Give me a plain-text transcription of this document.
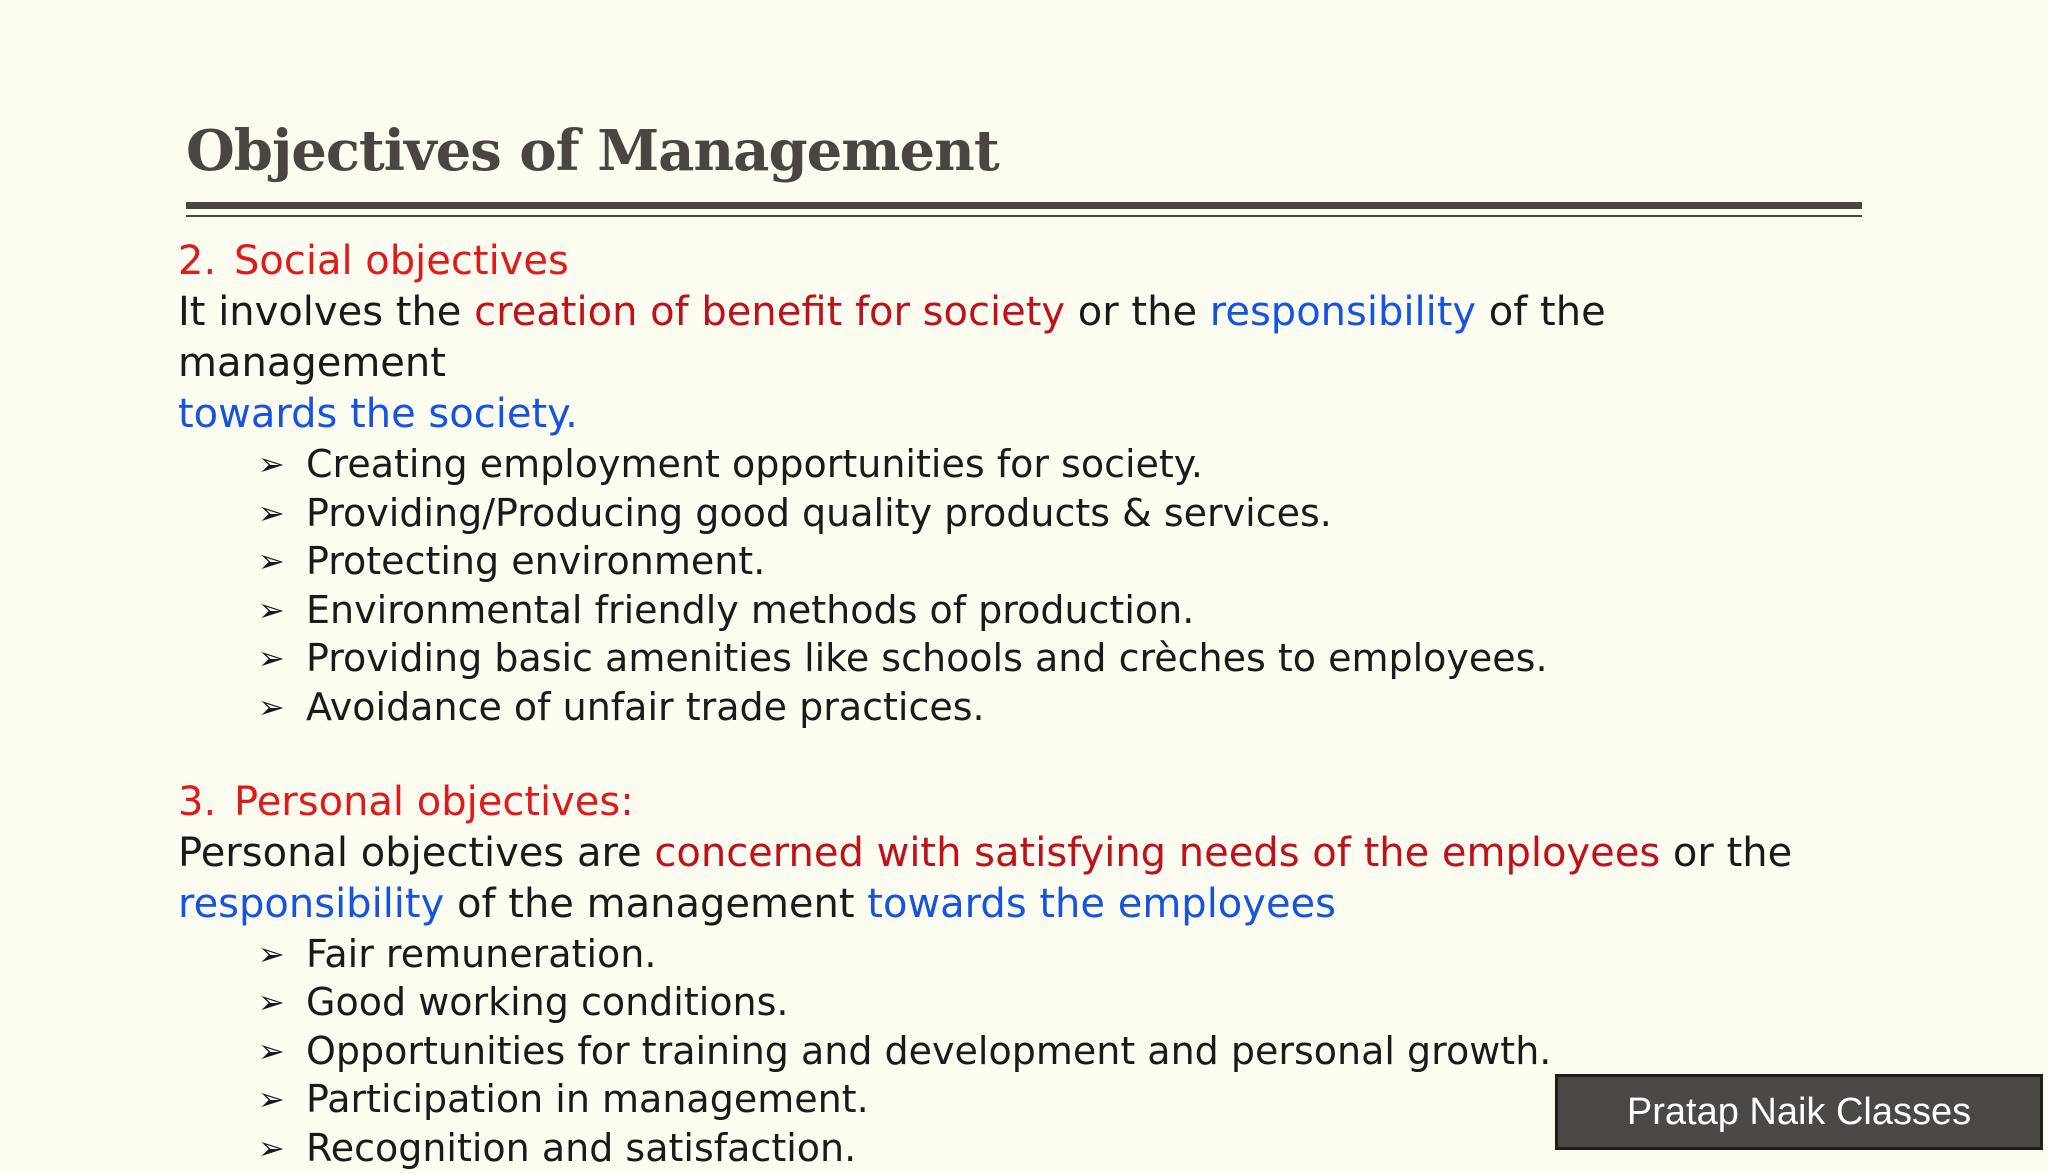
Objectives of Management
2. Social objectives
It involves the creation of benefit for society or the responsibility of the management
towards the society.
➢ Creating employment opportunities for society.
➢ Providing/Producing good quality products & services.
➢ Protecting environment.
➢ Environmental friendly methods of production.
➢ Providing basic amenities like schools and crèches to employees.
➢ Avoidance of unfair trade practices.
3. Personal objectives:
Personal objectives are concerned with satisfying needs of the employees or the
responsibility of the management towards the employees
➢ Fair remuneration.
➢ Good working conditions.
➢ Opportunities for training and development and personal growth.
➢ Participation in management.
➢ Recognition and satisfaction.
Pratap Naik Classes
